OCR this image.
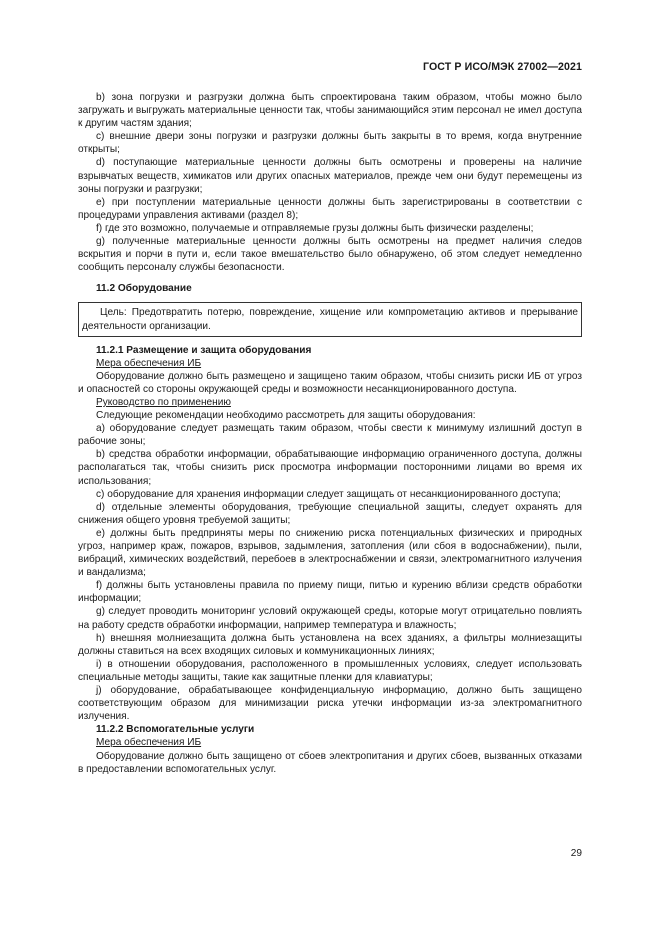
ГОСТ Р ИСО/МЭК 27002—2021

b) зона погрузки и разгрузки должна быть спроектирована таким образом, чтобы можно было загружать и выгружать материальные ценности так, чтобы занимающийся этим персонал не имел доступа к другим частям здания;

c) внешние двери зоны погрузки и разгрузки должны быть закрыты в то время, когда внутренние открыты;

d) поступающие материальные ценности должны быть осмотрены и проверены на наличие взрывчатых веществ, химикатов или других опасных материалов, прежде чем они будут перемещены из зоны погрузки и разгрузки;

e) при поступлении материальные ценности должны быть зарегистрированы в соответствии с процедурами управления активами (раздел 8);

f) где это возможно, получаемые и отправляемые грузы должны быть физически разделены;

g) полученные материальные ценности должны быть осмотрены на предмет наличия следов вскрытия и порчи в пути и, если такое вмешательство было обнаружено, об этом следует немедленно сообщить персоналу службы безопасности.

11.2 Оборудование

Цель: Предотвратить потерю, повреждение, хищение или компрометацию активов и прерывание деятельности организации.

11.2.1 Размещение и защита оборудования

Мера обеспечения ИБ

Оборудование должно быть размещено и защищено таким образом, чтобы снизить риски ИБ от угроз и опасностей со стороны окружающей среды и возможности несанкционированного доступа.

Руководство по применению

Следующие рекомендации необходимо рассмотреть для защиты оборудования:

a) оборудование следует размещать таким образом, чтобы свести к минимуму излишний доступ в рабочие зоны;

b) средства обработки информации, обрабатывающие информацию ограниченного доступа, должны располагаться так, чтобы снизить риск просмотра информации посторонними лицами во время их использования;

c) оборудование для хранения информации следует защищать от несанкционированного доступа;

d) отдельные элементы оборудования, требующие специальной защиты, следует охранять для снижения общего уровня требуемой защиты;

e) должны быть предприняты меры по снижению риска потенциальных физических и природных угроз, например краж, пожаров, взрывов, задымления, затопления (или сбоя в водоснабжении), пыли, вибраций, химических воздействий, перебоев в электроснабжении и связи, электромагнитного излучения и вандализма;

f) должны быть установлены правила по приему пищи, питью и курению вблизи средств обработки информации;

g) следует проводить мониторинг условий окружающей среды, которые могут отрицательно повлиять на работу средств обработки информации, например температура и влажность;

h) внешняя молниезащита должна быть установлена на всех зданиях, а фильтры молниезащиты должны ставиться на всех входящих силовых и коммуникационных линиях;

i) в отношении оборудования, расположенного в промышленных условиях, следует использовать специальные методы защиты, такие как защитные пленки для клавиатуры;

j) оборудование, обрабатывающее конфиденциальную информацию, должно быть защищено соответствующим образом для минимизации риска утечки информации из-за электромагнитного излучения.

11.2.2 Вспомогательные услуги

Мера обеспечения ИБ

Оборудование должно быть защищено от сбоев электропитания и других сбоев, вызванных отказами в предоставлении вспомогательных услуг.

29
